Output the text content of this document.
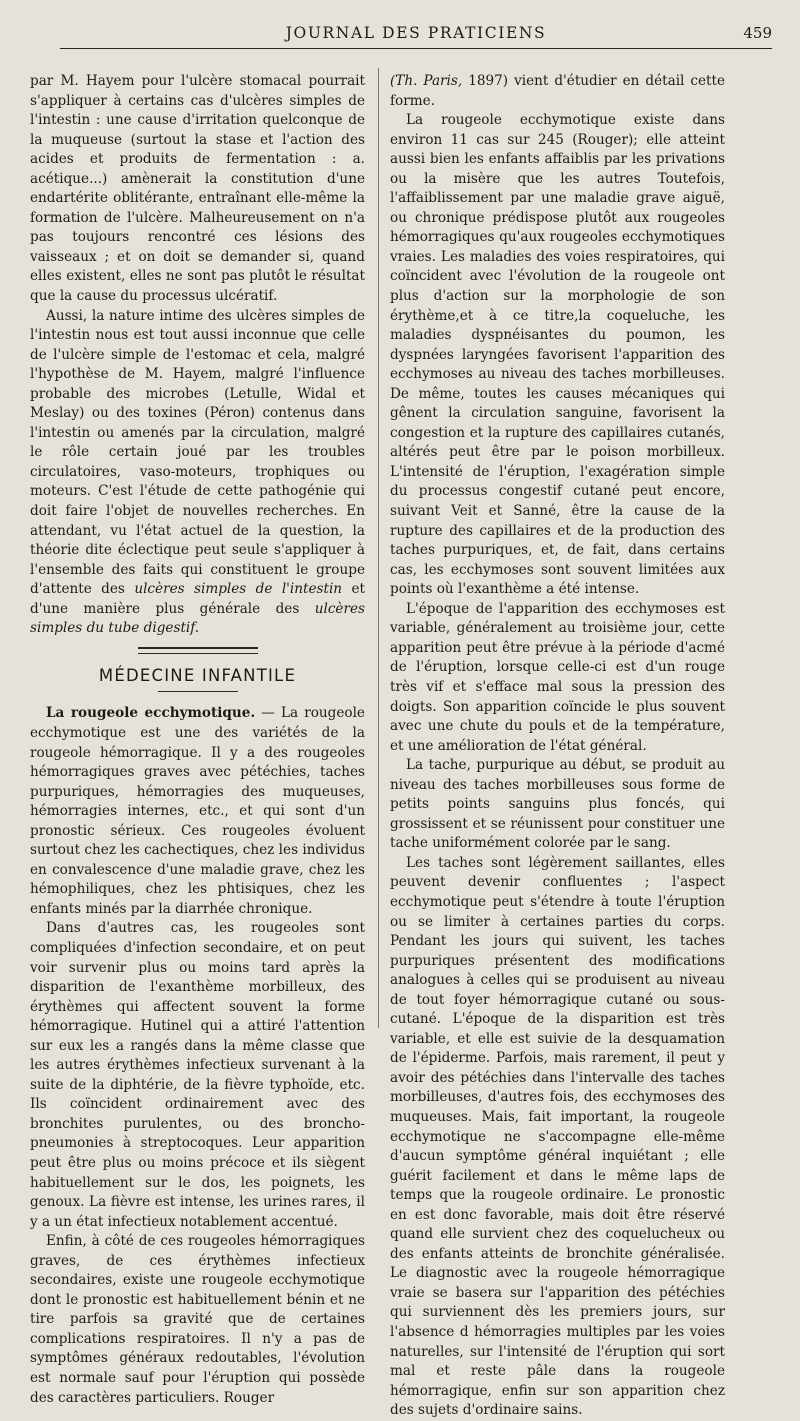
JOURNAL DES PRATICIENS	459

par M. Hayem pour l'ulcère stomacal pourrait s'appliquer à certains cas d'ulcères simples de l'intestin : une cause d'irritation quelconque de la muqueuse (surtout la stase et l'action des acides et produits de fermentation : a. acétique...) amènerait la constitution d'une endartérite oblitérante, entraînant elle-même la formation de l'ulcère. Malheureusement on n'a pas toujours rencontré ces lésions des vaisseaux ; et on doit se demander si, quand elles existent, elles ne sont pas plutôt le résultat que la cause du processus ulcératif.

Aussi, la nature intime des ulcères simples de l'intestin nous est tout aussi inconnue que celle de l'ulcère simple de l'estomac et cela, malgré l'hypothèse de M. Hayem, malgré l'influence probable des microbes (Letulle, Widal et Meslay) ou des toxines (Péron) contenus dans l'intestin ou amenés par la circulation, malgré le rôle certain joué par les troubles circulatoires, vaso-moteurs, trophiques ou moteurs. C'est l'étude de cette pathogénie qui doit faire l'objet de nouvelles recherches. En attendant, vu l'état actuel de la question, la théorie dite éclectique peut seule s'appliquer à l'ensemble des faits qui constituent le groupe d'attente des ulcères simples de l'intestin et d'une manière plus générale des ulcères simples du tube digestif.

MÉDECINE INFANTILE

La rougeole ecchymotique. — La rougeole ecchymotique est une des variétés de la rougeole hémorragique. Il y a des rougeoles hémorragiques graves avec pétéchies, taches purpuriques, hémorragies des muqueuses, hémorragies internes, etc., et qui sont d'un pronostic sérieux. Ces rougeoles évoluent surtout chez les cachectiques, chez les individus en convalescence d'une maladie grave, chez les hémophiliques, chez les phtisiques, chez les enfants minés par la diarrhée chronique.

Dans d'autres cas, les rougeoles sont compliquées d'infection secondaire, et on peut voir survenir plus ou moins tard après la disparition de l'exanthème morbilleux, des érythèmes qui affectent souvent la forme hémorragique. Hutinel qui a attiré l'attention sur eux les a rangés dans la même classe que les autres érythèmes infectieux survenant à la suite de la diphtérie, de la fièvre typhoïde, etc. Ils coïncident ordinairement avec des bronchites purulentes, ou des broncho-pneumonies à streptocoques. Leur apparition peut être plus ou moins précoce et ils siègent habituellement sur le dos, les poignets, les genoux. La fièvre est intense, les urines rares, il y a un état infectieux notablement accentué.

Enfin, à côté de ces rougeoles hémorragiques graves, de ces érythèmes infectieux secondaires, existe une rougeole ecchymotique dont le pronostic est habituellement bénin et ne tire parfois sa gravité que de certaines complications respiratoires. Il n'y a pas de symptômes généraux redoutables, l'évolution est normale sauf pour l'éruption qui possède des caractères particuliers. Rouger

(Th. Paris, 1897) vient d'étudier en détail cette forme.

La rougeole ecchymotique existe dans environ 11 cas sur 245 (Rouger); elle atteint aussi bien les enfants affaiblis par les privations ou la misère que les autres Toutefois, l'affaiblissement par une maladie grave aiguë, ou chronique prédispose plutôt aux rougeoles hémorragiques qu'aux rougeoles ecchymotiques vraies. Les maladies des voies respiratoires, qui coïncident avec l'évolution de la rougeole ont plus d'action sur la morphologie de son érythème,et à ce titre,la coqueluche, les maladies dyspnéisantes du poumon, les dyspnées laryngées favorisent l'apparition des ecchymoses au niveau des taches morbilleuses. De même, toutes les causes mécaniques qui gênent la circulation sanguine, favorisent la congestion et la rupture des capillaires cutanés, altérés peut être par le poison morbilleux. L'intensité de l'éruption, l'exagération simple du processus congestif cutané peut encore, suivant Veit et Sanné, être la cause de la rupture des capillaires et de la production des taches purpuriques, et, de fait, dans certains cas, les ecchymoses sont souvent limitées aux points où l'exanthème a été intense.

L'époque de l'apparition des ecchymoses est variable, généralement au troisième jour, cette apparition peut être prévue à la période d'acmé de l'éruption, lorsque celle-ci est d'un rouge très vif et s'efface mal sous la pression des doigts. Son apparition coïncide le plus souvent avec une chute du pouls et de la température, et une amélioration de l'état général.

La tache, purpurique au début, se produit au niveau des taches morbilleuses sous forme de petits points sanguins plus foncés, qui grossissent et se réunissent pour constituer une tache uniformément colorée par le sang.

Les taches sont légèrement saillantes, elles peuvent devenir confluentes ; l'aspect ecchymotique peut s'étendre à toute l'éruption ou se limiter à certaines parties du corps. Pendant les jours qui suivent, les taches purpuriques présentent des modifications analogues à celles qui se produisent au niveau de tout foyer hémorragique cutané ou sous-cutané. L'époque de la disparition est très variable, et elle est suivie de la desquamation de l'épiderme. Parfois, mais rarement, il peut y avoir des pétéchies dans l'intervalle des taches morbilleuses, d'autres fois, des ecchymoses des muqueuses. Mais, fait important, la rougeole ecchymotique ne s'accompagne elle-même d'aucun symptôme général inquiétant ; elle guérit facilement et dans le même laps de temps que la rougeole ordinaire. Le pronostic en est donc favorable, mais doit être réservé quand elle survient chez des coquelucheux ou des enfants atteints de bronchite généralisée. Le diagnostic avec la rougeole hémorragique vraie se basera sur l'apparition des pétéchies qui surviennent dès les premiers jours, sur l'absence d hémorragies multiples par les voies naturelles, sur l'intensité de l'éruption qui sort mal et reste pâle dans la rougeole hémorragique, enfin sur son apparition chez des sujets d'ordinaire sains.
